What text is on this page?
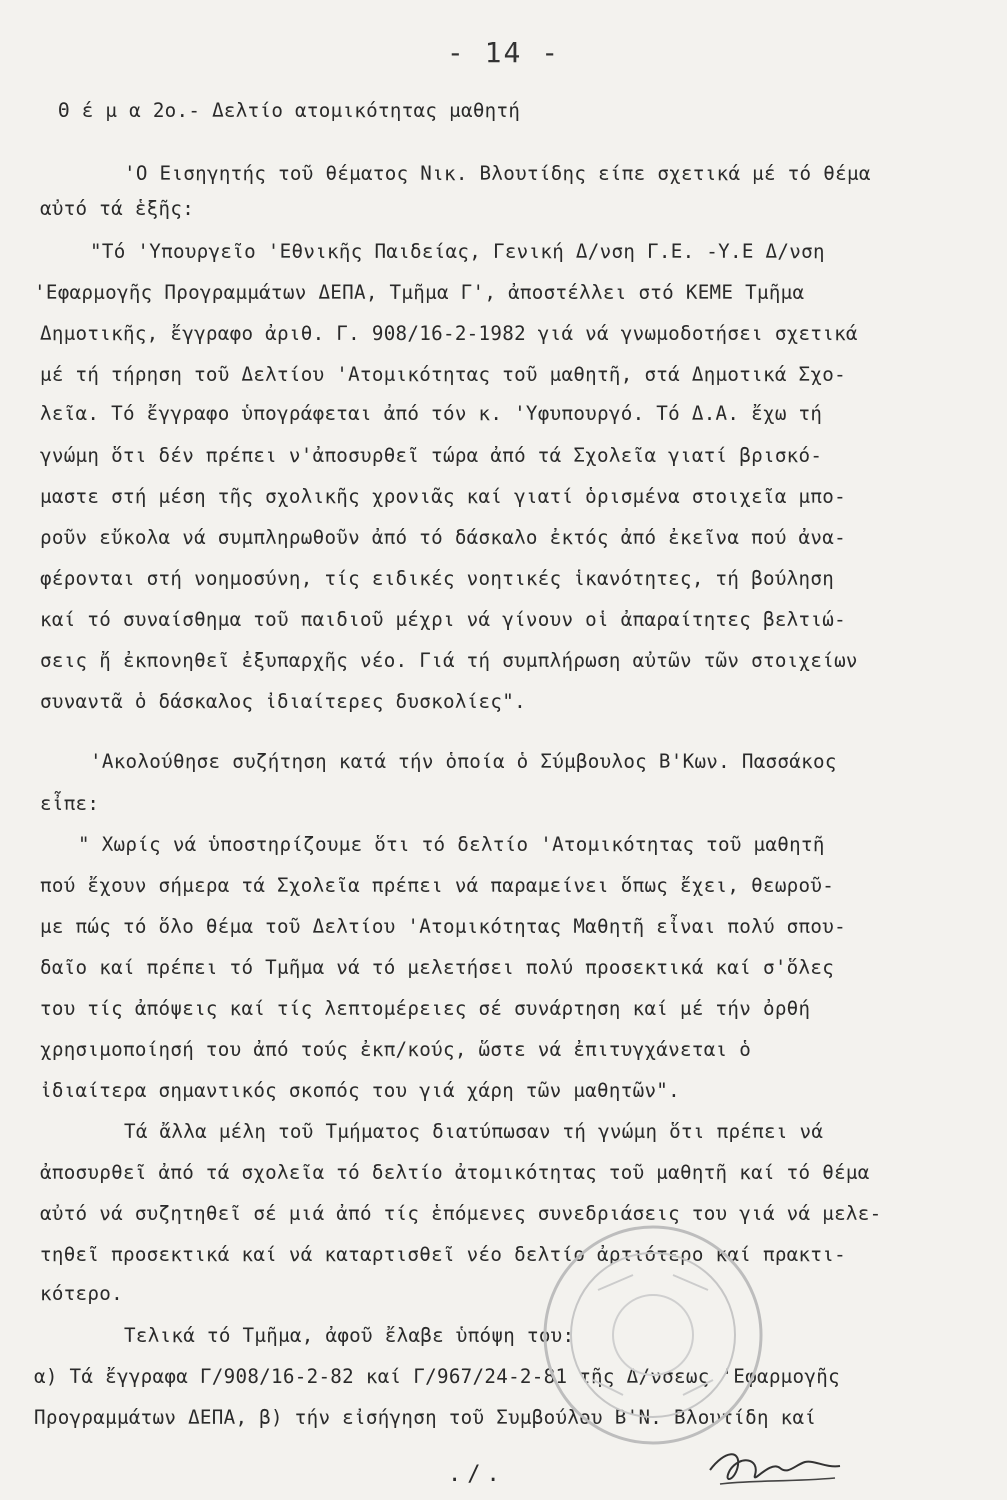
- 14 -
Θ έ μ α 2ο.- Δελτίο ατομικότητας μαθητή
'Ο Εισηγητής τοῦ θέματος Νικ. Βλουτίδης είπε σχετικά μέ τό θέμα
αὐτό τά ἑξῆς:
"Τό 'Υπουργεῖο 'Εθνικῆς Παιδείας, Γενική Δ/νση Γ.Ε. -Υ.Ε Δ/νση
'Εφαρμογῆς Προγραμμάτων ΔΕΠΑ, Τμῆμα Γ', ἀποστέλλει στό ΚΕΜΕ Τμῆμα
Δημοτικῆς, ἔγγραφο ἀριθ. Γ. 908/16-2-1982 γιά νά γνωμοδοτήσει σχετικά
μέ τή τήρηση τοῦ Δελτίου 'Ατομικότητας τοῦ μαθητῆ, στά Δημοτικά Σχο-
λεῖα. Τό ἔγγραφο ὑπογράφεται ἀπό τόν κ. 'Υφυπουργό. Τό Δ.Α. ἔχω τή
γνώμη ὅτι δέν πρέπει ν'ἀποσυρθεῖ τώρα ἀπό τά Σχολεῖα γιατί βρισκό-
μαστε στή μέση τῆς σχολικῆς χρονιᾶς καί γιατί ὁρισμένα στοιχεῖα μπο-
ροῦν εὔκολα νά συμπληρωθοῦν ἀπό τό δάσκαλο ἐκτός ἀπό ἐκεῖνα πού ἀνα-
φέρονται στή νοημοσύνη, τίς ειδικές νοητικές ἱκανότητες, τή βούληση
καί τό συναίσθημα τοῦ παιδιοῦ μέχρι νά γίνουν οἱ ἀπαραίτητες βελτιώ-
σεις ἤ ἐκπονηθεῖ ἐξυπαρχῆς νέο. Γιά τή συμπλήρωση αὐτῶν τῶν στοιχείων
συναντᾶ ὁ δάσκαλος ἰδιαίτερες δυσκολίες".
'Ακολούθησε συζήτηση κατά τήν ὁποία ὁ Σύμβουλος Β'Κων. Πασσάκος
εἶπε:
" Χωρίς νά ὑποστηρίζουμε ὅτι τό δελτίο 'Ατομικότητας τοῦ μαθητῆ
πού ἔχουν σήμερα τά Σχολεῖα πρέπει νά παραμείνει ὅπως ἔχει, θεωροῦ-
με πώς τό ὅλο θέμα τοῦ Δελτίου 'Ατομικότητας Μαθητῆ εἶναι πολύ σπου-
δαῖο καί πρέπει τό Τμῆμα νά τό μελετήσει πολύ προσεκτικά καί σ'ὅλες
του τίς ἀπόψεις καί τίς λεπτομέρειες σέ συνάρτηση καί μέ τήν ὀρθή
χρησιμοποίησή του ἀπό τούς ἐκπ/κούς, ὥστε νά ἐπιτυγχάνεται ὁ
ἰδιαίτερα σημαντικός σκοπός του γιά χάρη τῶν μαθητῶν".
Τά ἄλλα μέλη τοῦ Τμήματος διατύπωσαν τή γνώμη ὅτι πρέπει νά
ἀποσυρθεῖ ἀπό τά σχολεῖα τό δελτίο ἀτομικότητας τοῦ μαθητῆ καί τό θέμα
αὐτό νά συζητηθεῖ σέ μιά ἀπό τίς ἑπόμενες συνεδριάσεις του γιά νά μελε-
τηθεῖ προσεκτικά καί νά καταρτισθεῖ νέο δελτίο ἀρτιότερο καί πρακτι-
κότερο.
Τελικά τό Τμῆμα, ἀφοῦ ἔλαβε ὑπόψη του:
α) Τά ἔγγραφα Γ/908/16-2-82 καί Γ/967/24-2-81 τῆς Δ/νσεως 'Εφαρμογῆς
Προγραμμάτων ΔΕΠΑ, β) τήν εἰσήγηση τοῦ Συμβούλου Β'Ν. Βλουτίδη καί
./.
